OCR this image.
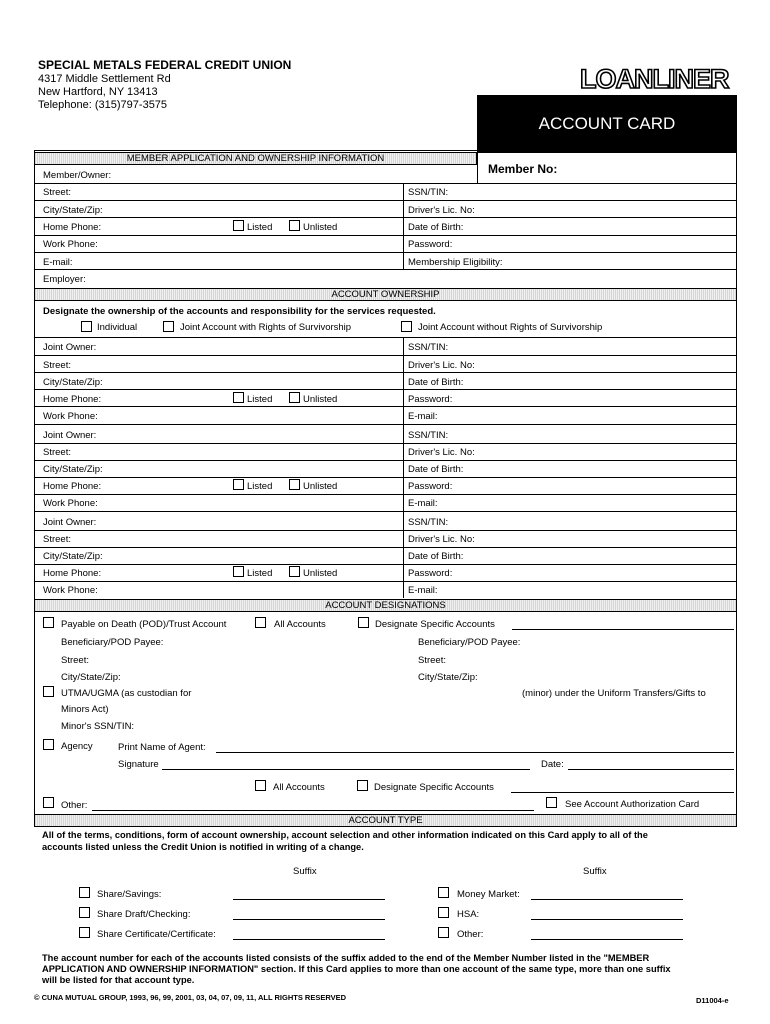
SPECIAL METALS FEDERAL CREDIT UNION
4317 Middle Settlement Rd
New Hartford, NY 13413
Telephone: (315)797-3575
LOANLINER
ACCOUNT CARD
MEMBER APPLICATION AND OWNERSHIP INFORMATION
Member No:
Member/Owner:
Street:	SSN/TIN:
City/State/Zip:	Driver's Lic. No:
Home Phone:	Listed	Unlisted	Date of Birth:
Work Phone:	Password:
E-mail:	Membership Eligibility:
Employer:
ACCOUNT OWNERSHIP
Designate the ownership of the accounts and responsibility for the services requested.
Individual	Joint Account with Rights of Survivorship	Joint Account without Rights of Survivorship
Joint Owner:	SSN/TIN:
Street:	Driver's Lic. No:
City/State/Zip:	Date of Birth:
Home Phone:	Listed	Unlisted	Password:
Work Phone:	E-mail:
Joint Owner:	SSN/TIN:
Street:	Driver's Lic. No:
City/State/Zip:	Date of Birth:
Home Phone:	Listed	Unlisted	Password:
Work Phone:	E-mail:
Joint Owner:	SSN/TIN:
Street:	Driver's Lic. No:
City/State/Zip:	Date of Birth:
Home Phone:	Listed	Unlisted	Password:
Work Phone:	E-mail:
ACCOUNT DESIGNATIONS
Payable on Death (POD)/Trust Account	All Accounts	Designate Specific Accounts
Beneficiary/POD Payee:	Beneficiary/POD Payee:
Street:	Street:
City/State/Zip:	City/State/Zip:
UTMA/UGMA (as custodian for	(minor) under the Uniform Transfers/Gifts to
Minors Act)
Minor's SSN/TIN:
Agency	Print Name of Agent:
Signature	Date:
All Accounts	Designate Specific Accounts
Other:	See Account Authorization Card
ACCOUNT TYPE
All of the terms, conditions, form of account ownership, account selection and other information indicated on this Card apply to all of the
accounts listed unless the Credit Union is notified in writing of a change.
Suffix	Suffix
Share/Savings:	Money Market:
Share Draft/Checking:	HSA:
Share Certificate/Certificate:	Other:
The account number for each of the accounts listed consists of the suffix added to the end of the Member Number listed in the "MEMBER
APPLICATION AND OWNERSHIP INFORMATION" section. If this Card applies to more than one account of the same type, more than one suffix
will be listed for that account type.
© CUNA MUTUAL GROUP, 1993, 96, 99, 2001, 03, 04, 07, 09, 11, ALL RIGHTS RESERVED	D11004-e
